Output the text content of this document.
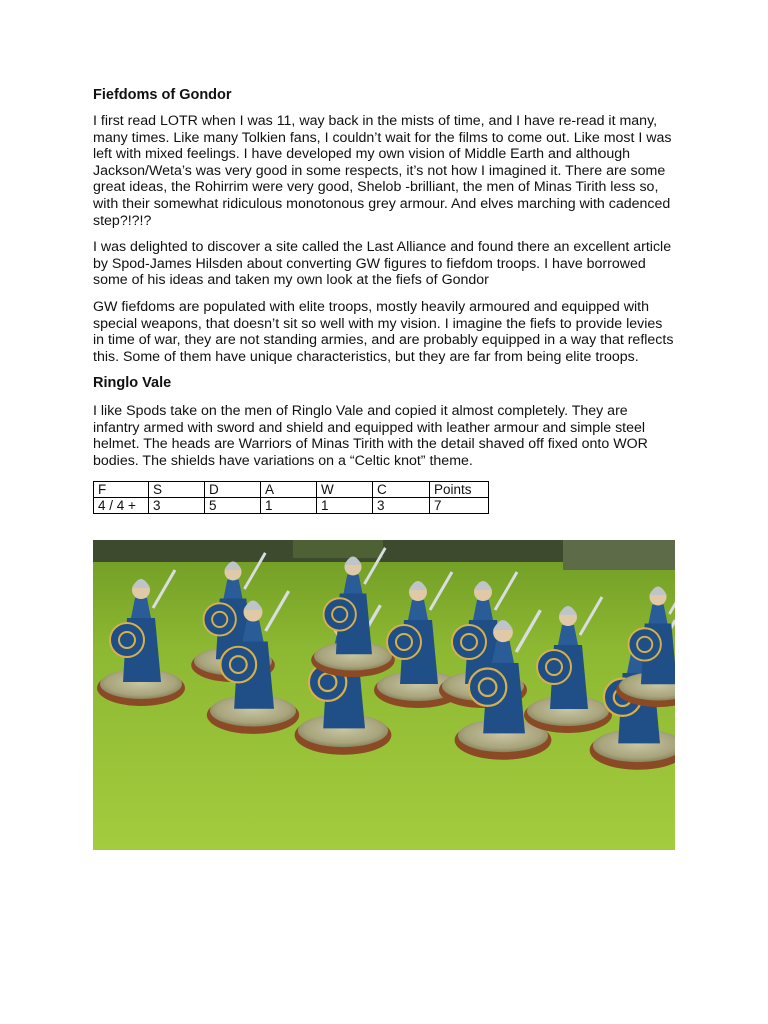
Fiefdoms of Gondor
I first read LOTR when I was 11, way back in the mists of time, and I have re-read it many,
many times. Like many Tolkien fans, I couldn’t wait for the films to come out. Like most I was
left with mixed feelings. I have developed my own vision of Middle Earth and although
Jackson/Weta’s was very good in some respects, it’s not how I imagined it. There are some
great ideas, the Rohirrim were very good, Shelob -brilliant, the men of Minas Tirith less so,
with their somewhat ridiculous monotonous grey armour. And elves marching with cadenced
step?!?!?
I was delighted to discover a site called the Last Alliance and found there an excellent article
by Spod-James Hilsden about converting GW figures to fiefdom troops. I have borrowed
some of his ideas and taken my own look at the fiefs of Gondor
GW fiefdoms are populated with elite troops, mostly heavily armoured and equipped with
special weapons, that doesn’t sit so well with my vision. I imagine the fiefs to provide levies
in time of war, they are not standing armies, and are probably equipped in a way that reflects
this. Some of them have unique characteristics, but they are far from being elite troops.
Ringlo Vale
I like Spods take on the men of Ringlo Vale and copied it almost completely. They are
infantry armed with sword and shield and equipped with leather armour and simple steel
helmet. The heads are Warriors of Minas Tirith with the detail shaved off fixed onto WOR
bodies. The shields have variations on a “Celtic knot” theme.
F	S	D	A	W	C	Points
4 / 4 +	3	5	1	1	3	7
